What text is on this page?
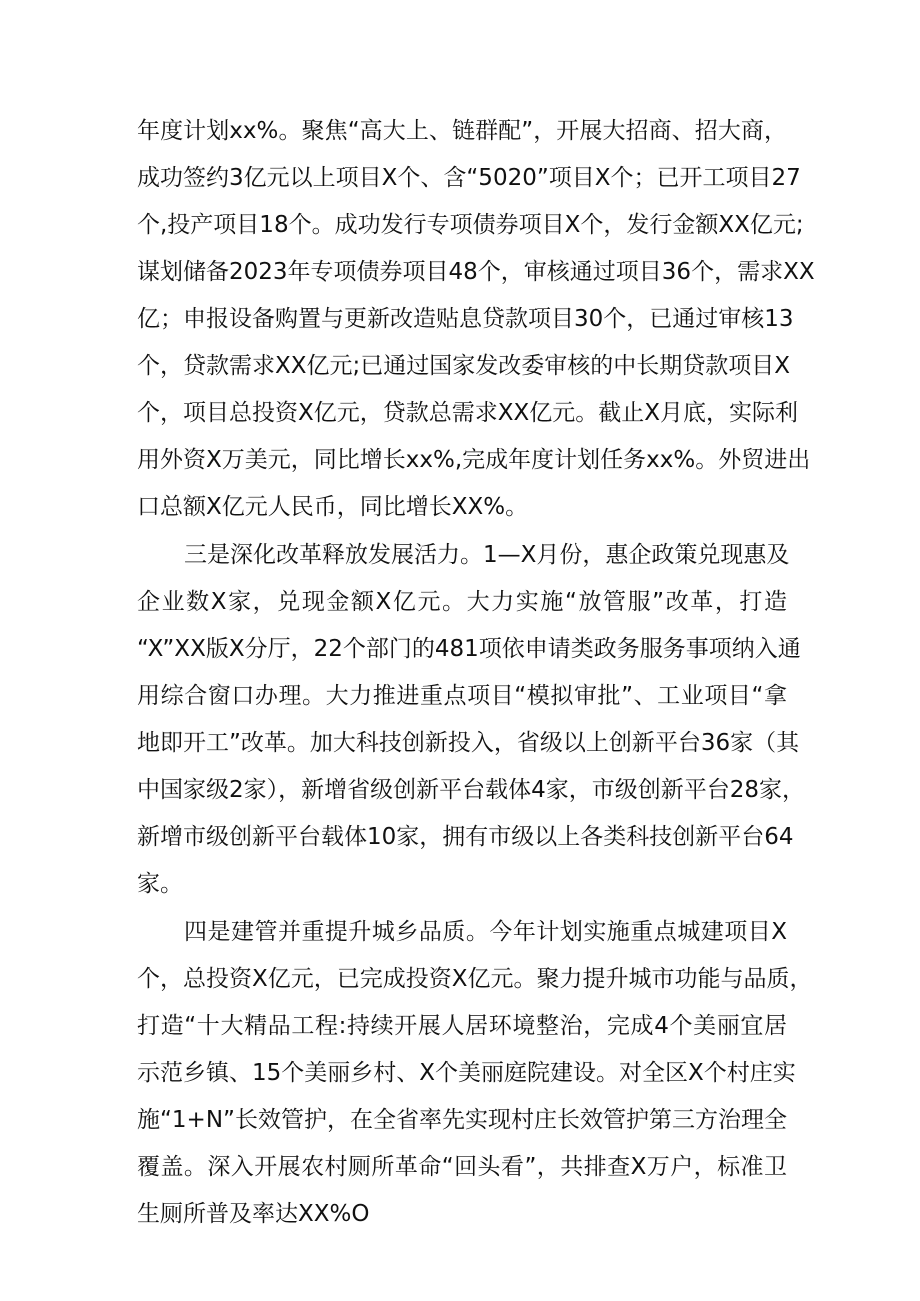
年度计划xx%。聚焦“高大上、链群配”，开展大招商、招大商，
成功签约3亿元以上项目X个、含“5020”项目X个；已开工项目27
个,投产项目18个。成功发行专项债券项目X个，发行金额XX亿元;
谋划储备2023年专项债券项目48个，审核通过项目36个，需求XX
亿；申报设备购置与更新改造贴息贷款项目30个，已通过审核13
个，贷款需求XX亿元;已通过国家发改委审核的中长期贷款项目X
个，项目总投资X亿元，贷款总需求XX亿元。截止X月底，实际利
用外资X万美元，同比增长xx%,完成年度计划任务xx%。外贸进出
口总额X亿元人民币，同比增长XX%。
三是深化改革释放发展活力。1—X月份，惠企政策兑现惠及
企业数X家，兑现金额X亿元。大力实施“放管服”改革，打造
“X”XX版X分厅，22个部门的481项依申请类政务服务事项纳入通
用综合窗口办理。大力推进重点项目“模拟审批”、工业项目“拿
地即开工”改革。加大科技创新投入，省级以上创新平台36家（其
中国家级2家），新增省级创新平台载体4家，市级创新平台28家，
新增市级创新平台载体10家，拥有市级以上各类科技创新平台64
家。
四是建管并重提升城乡品质。今年计划实施重点城建项目X
个，总投资X亿元，已完成投资X亿元。聚力提升城市功能与品质，
打造“十大精品工程:持续开展人居环境整治，完成4个美丽宜居
示范乡镇、15个美丽乡村、X个美丽庭院建设。对全区X个村庄实
施“1+N”长效管护，在全省率先实现村庄长效管护第三方治理全
覆盖。深入开展农村厕所革命“回头看”，共排查X万户，标准卫
生厕所普及率达XX%O
